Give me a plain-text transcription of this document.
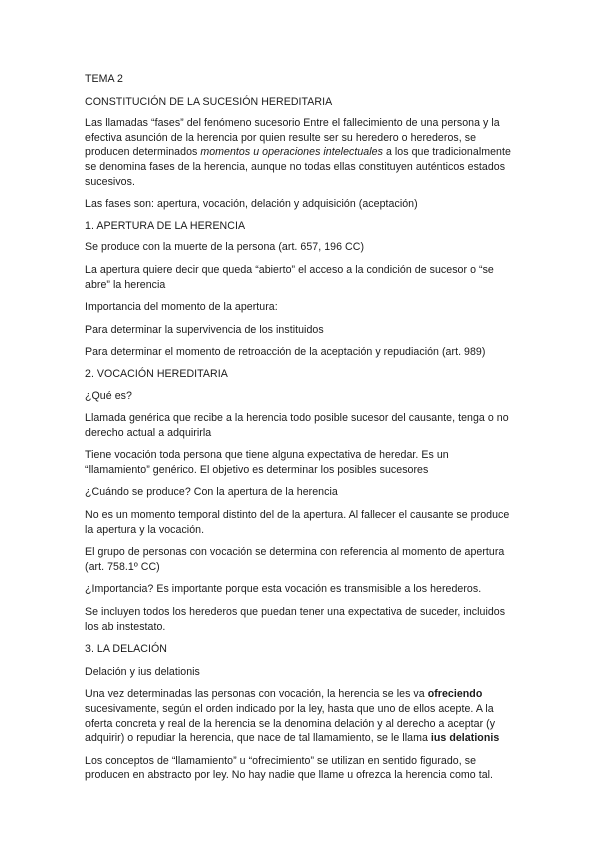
TEMA 2

CONSTITUCIÓN DE LA SUCESIÓN HEREDITARIA

Las llamadas “fases” del fenómeno sucesorio Entre el fallecimiento de una persona y la efectiva asunción de la herencia por quien resulte ser su heredero o herederos, se producen determinados momentos u operaciones intelectuales a los que tradicionalmente se denomina fases de la herencia, aunque no todas ellas constituyen auténticos estados sucesivos.

Las fases son: apertura, vocación, delación y adquisición (aceptación)

1. APERTURA DE LA HERENCIA

Se produce con la muerte de la persona (art. 657, 196 CC)

La apertura quiere decir que queda “abierto” el acceso a la condición de sucesor o “se abre” la herencia

Importancia del momento de la apertura:

Para determinar la supervivencia de los instituidos

Para determinar el momento de retroacción de la aceptación y repudiación (art. 989)

2. VOCACIÓN HEREDITARIA

¿Qué es?

Llamada genérica que recibe a la herencia todo posible sucesor del causante, tenga o no derecho actual a adquirirla

Tiene vocación toda persona que tiene alguna expectativa de heredar. Es un “llamamiento” genérico. El objetivo es determinar los posibles sucesores

¿Cuándo se produce? Con la apertura de la herencia

No es un momento temporal distinto del de la apertura. Al fallecer el causante se produce la apertura y la vocación.

El grupo de personas con vocación se determina con referencia al momento de apertura (art. 758.1º CC)

¿Importancia? Es importante porque esta vocación es transmisible a los herederos.

Se incluyen todos los herederos que puedan tener una expectativa de suceder, incluidos los ab instestato.

3. LA DELACIÓN

Delación y ius delationis

Una vez determinadas las personas con vocación, la herencia se les va ofreciendo sucesivamente, según el orden indicado por la ley, hasta que uno de ellos acepte. A la oferta concreta y real de la herencia se la denomina delación y al derecho a aceptar (y adquirir) o repudiar la herencia, que nace de tal llamamiento, se le llama ius delationis

Los conceptos de “llamamiento” u “ofrecimiento” se utilizan en sentido figurado, se producen en abstracto por ley. No hay nadie que llame u ofrezca la herencia como tal.
